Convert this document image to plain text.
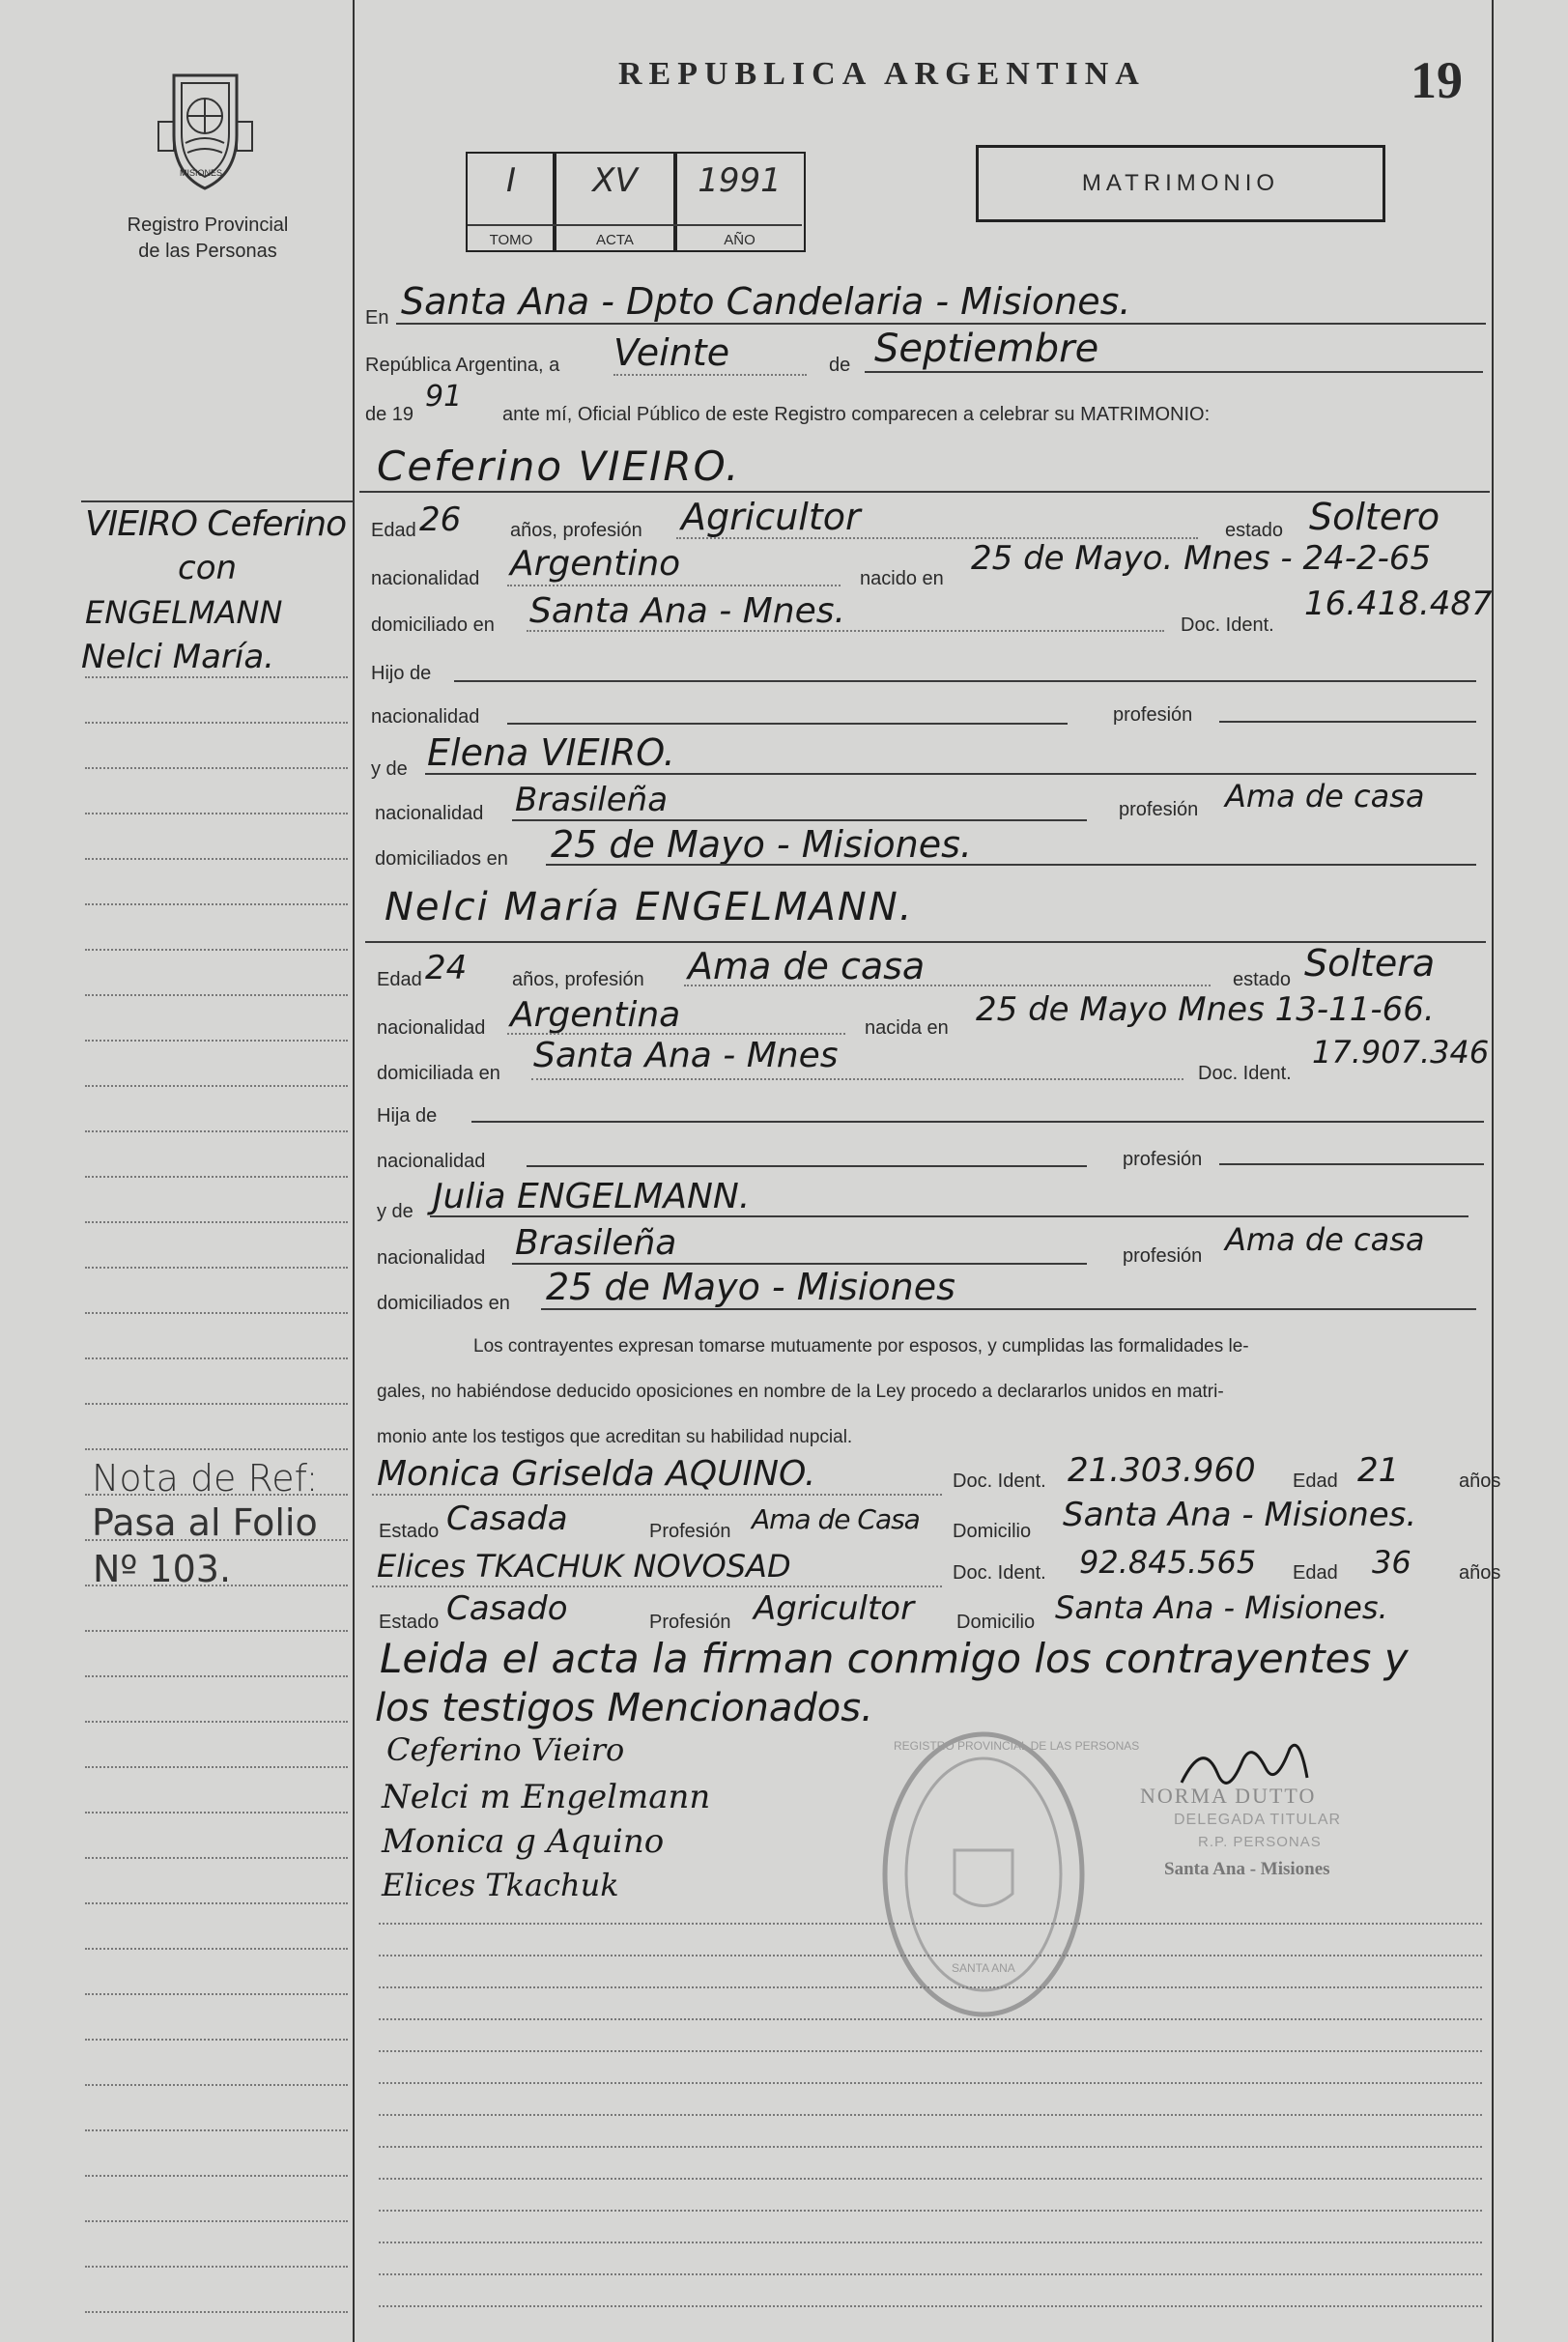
MISIONES
Registro Provincial
de las Personas
REPUBLICA ARGENTINA	19
I
TOMO
XV
ACTA
1991
AÑO
MATRIMONIO
En Santa Ana - Dpto Candelaria - Misiones.
República Argentina, a Veinte	de Septiembre
de 19
91
ante mí, Oficial Público de este Registro comparecen a celebrar su MATRIMONIO:
Ceferino VIEIRO.
Edad 26	años, profesión Agricultor	estado Soltero
nacionalidad Argentino	nacido en
25 de Mayo. Mnes - 24-2-65
domiciliado en Santa Ana - Mnes.	Doc. Ident.
16.418.487
Hijo de
nacionalidad	profesión
y de Elena VIEIRO.
nacionalidad Brasileña	profesión Ama de casa
domiciliados en 25 de Mayo - Misiones.
Nelci María ENGELMANN.
Edad 24 años, profesión Ama de casa	estado Soltera
nacionalidad Argentina	nacida en 25 de Mayo Mnes 13-11-66.
domiciliada en Santa Ana - Mnes	Doc. Ident.
17.907.346
Hija de
nacionalidad	profesión
y de Julia ENGELMANN.
nacionalidad Brasileña	profesión Ama de casa
domiciliados en 25 de Mayo - Misiones
Los contrayentes expresan tomarse mutuamente por esposos, y cumplidas las formalidades le-
gales, no habiéndose deducido oposiciones en nombre de la Ley procedo a declararlos unidos en matri-
monio ante los testigos que acreditan su habilidad nupcial.
Monica Griselda AQUINO.	Doc. Ident. 21.303.960 Edad 21	años
Estado Casada	Profesión Ama de Casa Domicilio Santa Ana - Misiones.
Elices TKACHUK NOVOSAD	Doc. Ident. 92.845.565 Edad 36 años
Estado Casado	Profesión Agricultor Domicilio Santa Ana - Misiones.
Leida el acta la firman conmigo los contrayentes y
los testigos Mencionados.
Ceferino Vieiro
Nelci m Engelmann
Monica g Aquino
Elices Tkachuk
REGISTRO PROVINCIAL DE LAS PERSONAS
SANTA ANA
NORMA DUTTO
DELEGADA TITULAR
R.P. PERSONAS
Santa Ana - Misiones
VIEIRO Ceferino
con
ENGELMANN
Nelci María.
Nota de Ref:
Pasa al Folio
Nº 103.
